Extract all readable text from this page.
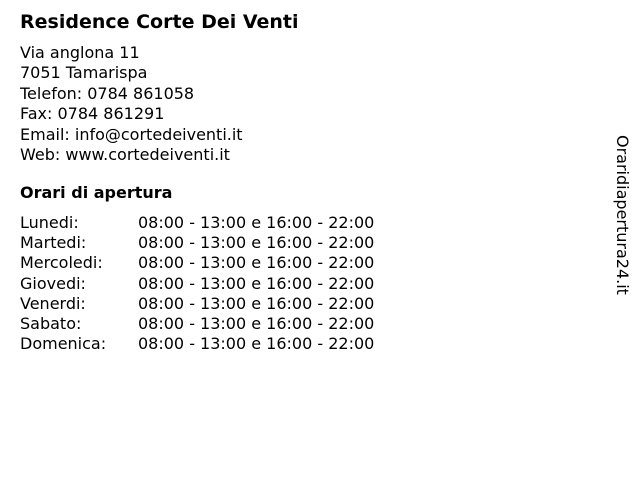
Residence Corte Dei Venti
Via anglona 11
7051 Tamarispa
Telefon: 0784 861058
Fax: 0784 861291
Email: info@cortedeiventi.it
Web: www.cortedeiventi.it
Orari di apertura
Lunedi:	08:00 - 13:00 e 16:00 - 22:00
Martedi:	08:00 - 13:00 e 16:00 - 22:00
Mercoledi: 08:00 - 13:00 e 16:00 - 22:00
Giovedi:	08:00 - 13:00 e 16:00 - 22:00
Venerdi:	08:00 - 13:00 e 16:00 - 22:00
Sabato:	08:00 - 13:00 e 16:00 - 22:00
Domenica: 08:00 - 13:00 e 16:00 - 22:00
Oraridiapertura24.it
